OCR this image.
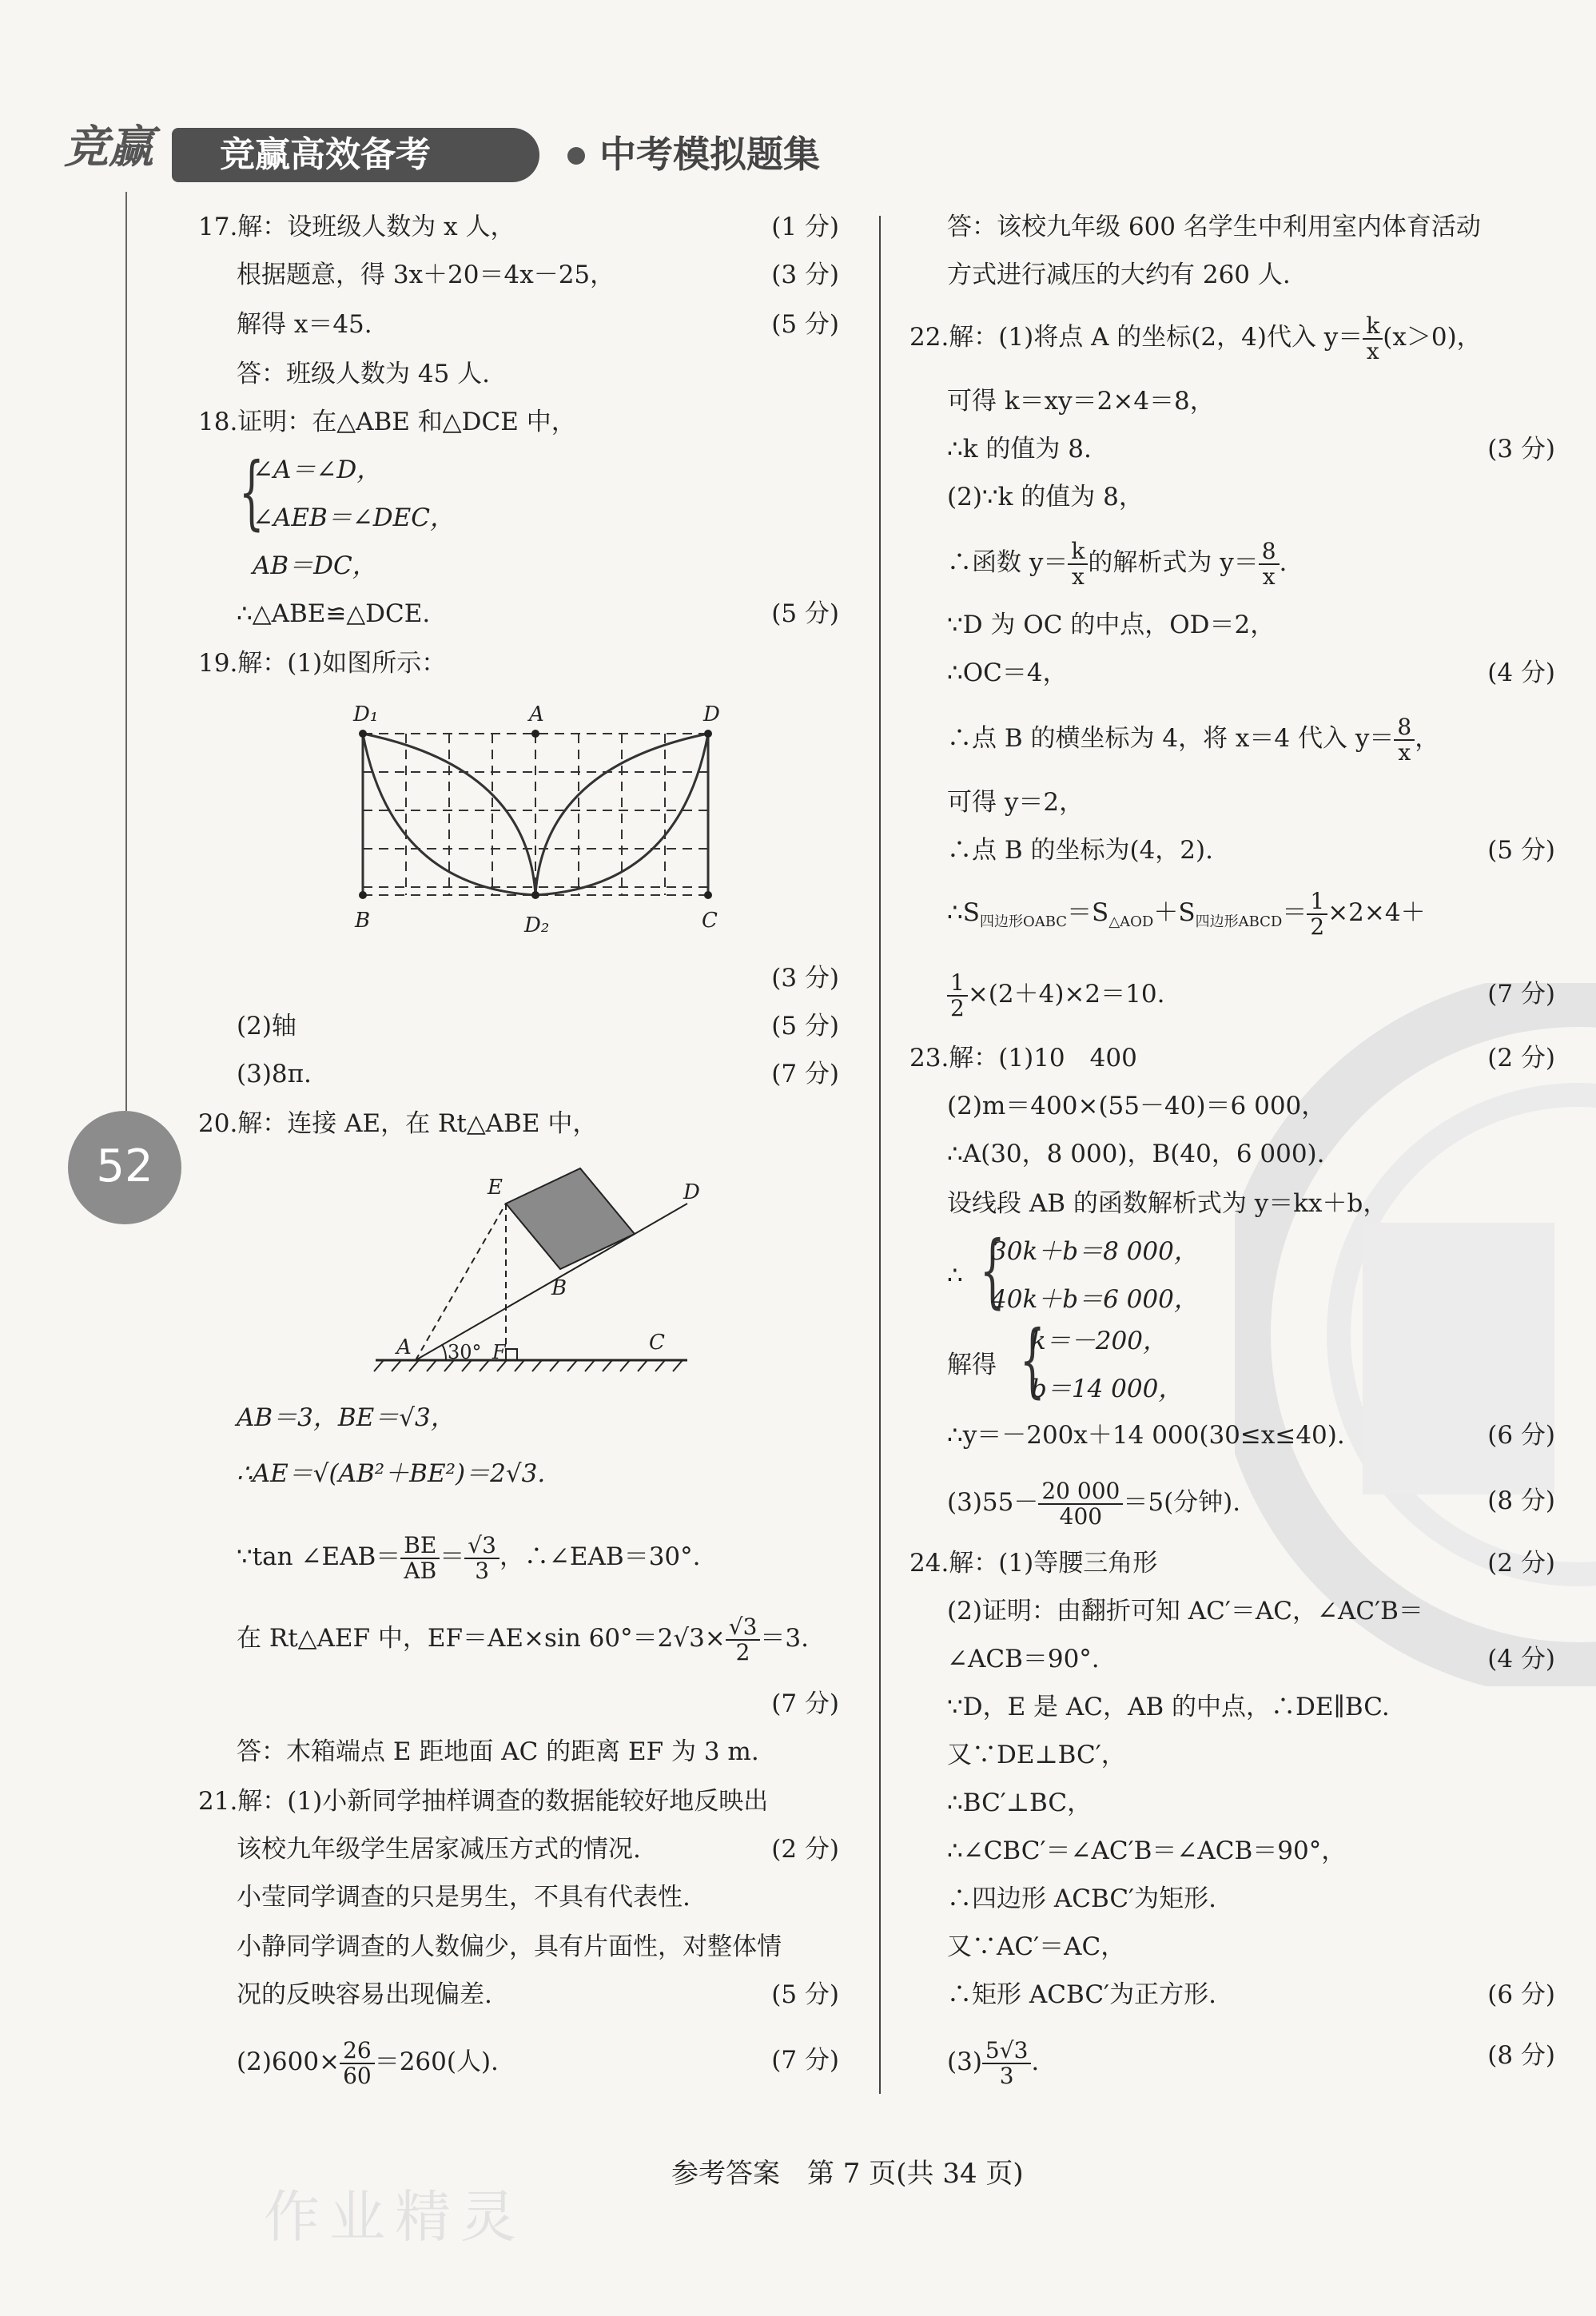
竞赢 竞赢高效备考	中考模拟题集
52
17.解：设班级人数为 x 人，	(1 分)
根据题意，得 3x＋20＝4x－25，	(3 分)
解得 x＝45.	(5 分)
答：班级人数为 45 人.
18.证明：在△ABE 和△DCE 中，
{
∠A＝∠D，
∠AEB＝∠DEC，
AB＝DC，
∴△ABE≌△DCE.	(5 分)
19.解：(1)如图所示：
D₁	A	D
B	D₂	C
(3 分)
(2)轴	(5 分)
(3)8π.	(7 分)
20.解：连接 AE，在 Rt△ABE 中，
E	D
B
A	C
30° F
AB＝3，BE＝√3，
∴AE＝√(AB²＋BE²)＝2√3.
∵tan ∠EAB＝ $\frac{BE}{AB} = \frac{√3}{3}$ ，∴∠EAB＝30°.
在 Rt△AEF 中，EF＝AE×sin $60^\circ=2√3\times \frac{√3}{2} =3$.
(7 分)
答：木箱端点 E 距地面 AC 的距离 EF 为 3 m.
21.解：(1)小新同学抽样调查的数据能较好地反映出
该校九年级学生居家减压方式的情况.	(2 分)
小莹同学调查的只是男生，不具有代表性.
小静同学调查的人数偏少，具有片面性，对整体情
况的反映容易出现偏差.	(5 分)
$(2)600\times \frac{26}{60} =260$(人).	(7 分)
答：该校九年级 600 名学生中利用室内体育活动
方式进行减压的大约有 260 人.
22.解：(1)将点 A 的坐标(2，4)代入 $y= \frac{k}{x} (x>0)$，
可得 k＝xy＝2×4＝8，
∴k 的值为 8.	(3 分)
(2)∵k 的值为 8，
∴函数 $y= \frac{k}{x}$ 的解析式为 $y= \frac{8}{x}$ .
∵D 为 OC 的中点，OD＝2，
∴OC＝4，	(4 分)
∴点 B 的横坐标为 4，将 x＝4 代入 $y= \frac{8}{x}$ ，
可得 y＝2，
∴点 B 的坐标为(4，2).	(5 分)
$\therefore S_{四边形OABC}=S_{\triangle AOD}+S_{四边形ABCD}= \frac{1}{2} \times 2\times 4+$
$\frac{1}{2} \times(2+4)\times 2=10$.	(7 分)
23.解：(1)10　400	(2 分)
(2)m＝400×(55－40)＝6 000，
∴A(30，8 000)，B(40，6 000).
设线段 AB 的函数解析式为 y＝kx＋b，
∴ {
30k＋b＝8 000，
40k＋b＝6 000，
解得 {
k＝－200，
b＝14 000，
∴y＝－200x＋14 000(30≤x≤40).	(6 分)
$(3)55- \frac{20 000}{400} =5$(分钟).	(8 分)
24.解：(1)等腰三角形	(2 分)
(2)证明：由翻折可知 AC′＝AC，∠AC′B＝
∠ACB＝90°.	(4 分)
∵D，E 是 AC，AB 的中点，∴DE∥BC.
又∵DE⊥BC′，
∴BC′⊥BC，
∴∠CBC′＝∠AC′B＝∠ACB＝90°，
∴四边形 ACBC′为矩形.
又∵AC′＝AC，
∴矩形 ACBC′为正方形.	(6 分)
$(3) \frac{5√3}{3}$ .	(8 分)
作业精灵
参考答案　第 7 页(共 34 页)
